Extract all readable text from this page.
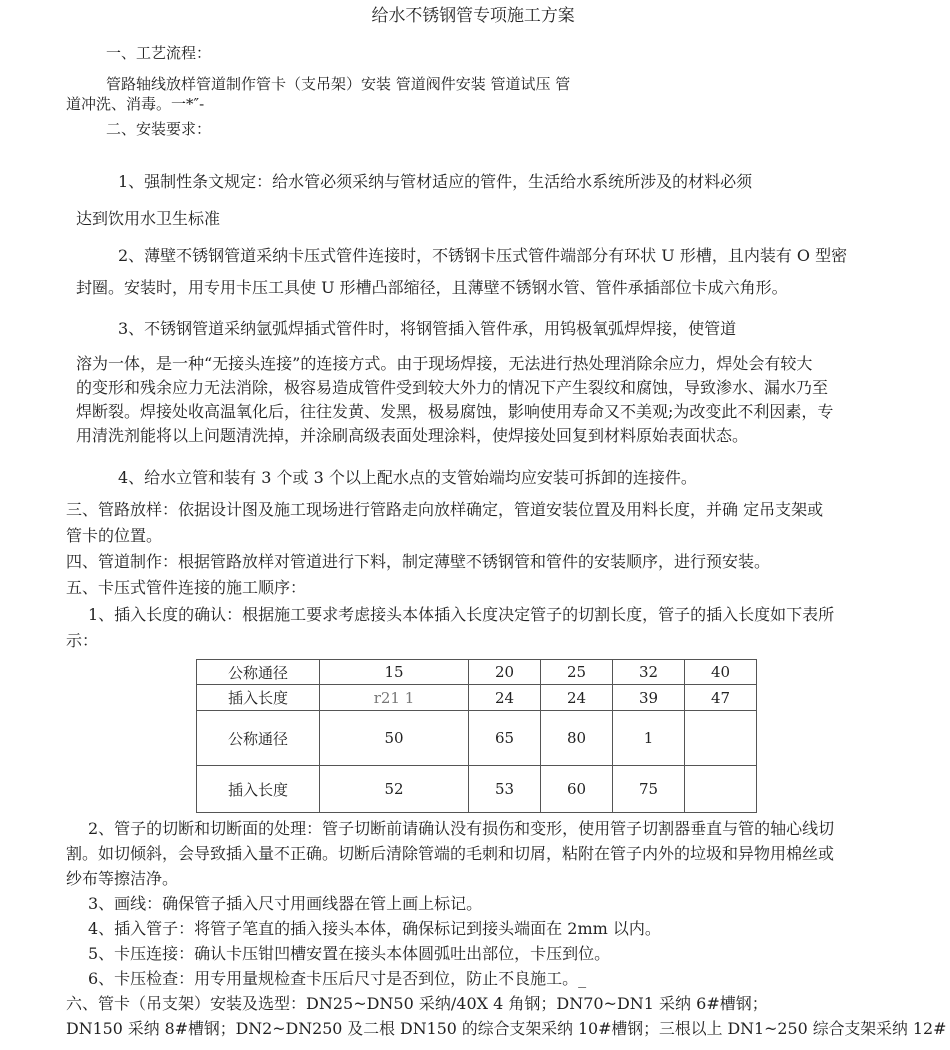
给水不锈钢管专项施工方案
一、工艺流程：
管路轴线放样管道制作管卡（支吊架）安装 管道阀件安装 管道试压 管
道冲洗、消毒。一*″-
二、安装要求：
1、强制性条文规定：给水管必须采纳与管材适应的管件，生活给水系统所涉及的材料必须
达到饮用水卫生标准
2、薄壁不锈钢管道采纳卡压式管件连接时，不锈钢卡压式管件端部分有环状 U 形槽，且内装有 O 型密
封圈。安装时，用专用卡压工具使 U 形槽凸部缩径，且薄壁不锈钢水管、管件承插部位卡成六角形。
3、不锈钢管道采纳氩弧焊插式管件时，将钢管插入管件承，用钨极氧弧焊焊接，使管道
溶为一体，是一种“无接头连接”的连接方式。由于现场焊接，无法进行热处理消除余应力，焊处会有较大
的变形和残余应力无法消除，极容易造成管件受到较大外力的情况下产生裂纹和腐蚀，导致渗水、漏水乃至
焊断裂。焊接处收高温氧化后，往往发黄、发黑，极易腐蚀，影响使用寿命又不美观;为改变此不利因素，专
用清洗剂能将以上问题清洗掉，并涂刷高级表面处理涂料，使焊接处回复到材料原始表面状态。
4、给水立管和装有 3 个或 3 个以上配水点的支管始端均应安装可拆卸的连接件。
三、管路放样：依据设计图及施工现场进行管路走向放样确定，管道安装位置及用料长度，并确 定吊支架或
管卡的位置。
四、管道制作：根据管路放样对管道进行下料，制定薄壁不锈钢管和管件的安装顺序，进行预安装。
五、卡压式管件连接的施工顺序：
1、插入长度的确认：根据施工要求考虑接头本体插入长度决定管子的切割长度，管子的插入长度如下表所
示：
公称通径	15	20	25	32	40
插入长度	r21 1	24	24	39	47
公称通径	50	65	80	1	
插入长度	52	53	60	75	
2、管子的切断和切断面的处理：管子切断前请确认没有损伤和变形，使用管子切割器垂直与管的轴心线切
割。如切倾斜，会导致插入量不正确。切断后清除管端的毛刺和切屑，粘附在管子内外的垃圾和异物用棉丝或
纱布等擦洁净。
3、画线：确保管子插入尺寸用画线器在管上画上标记。
4、插入管子：将管子笔直的插入接头本体，确保标记到接头端面在 2mm 以内。
5、卡压连接：确认卡压钳凹槽安置在接头本体圆弧吐出部位，卡压到位。
6、卡压检查：用专用量规检查卡压后尺寸是否到位，防止不良施工。_
六、管卡（吊支架）安装及选型：DN25~DN50 采纳/40X 4 角钢；DN70~DN1 采纳 6#槽钢；
DN150 采纳 8#槽钢；DN2~DN250 及二根 DN150 的综合支架采纳 10#槽钢；三根以上 DN1~250 综合支架采纳 12#
